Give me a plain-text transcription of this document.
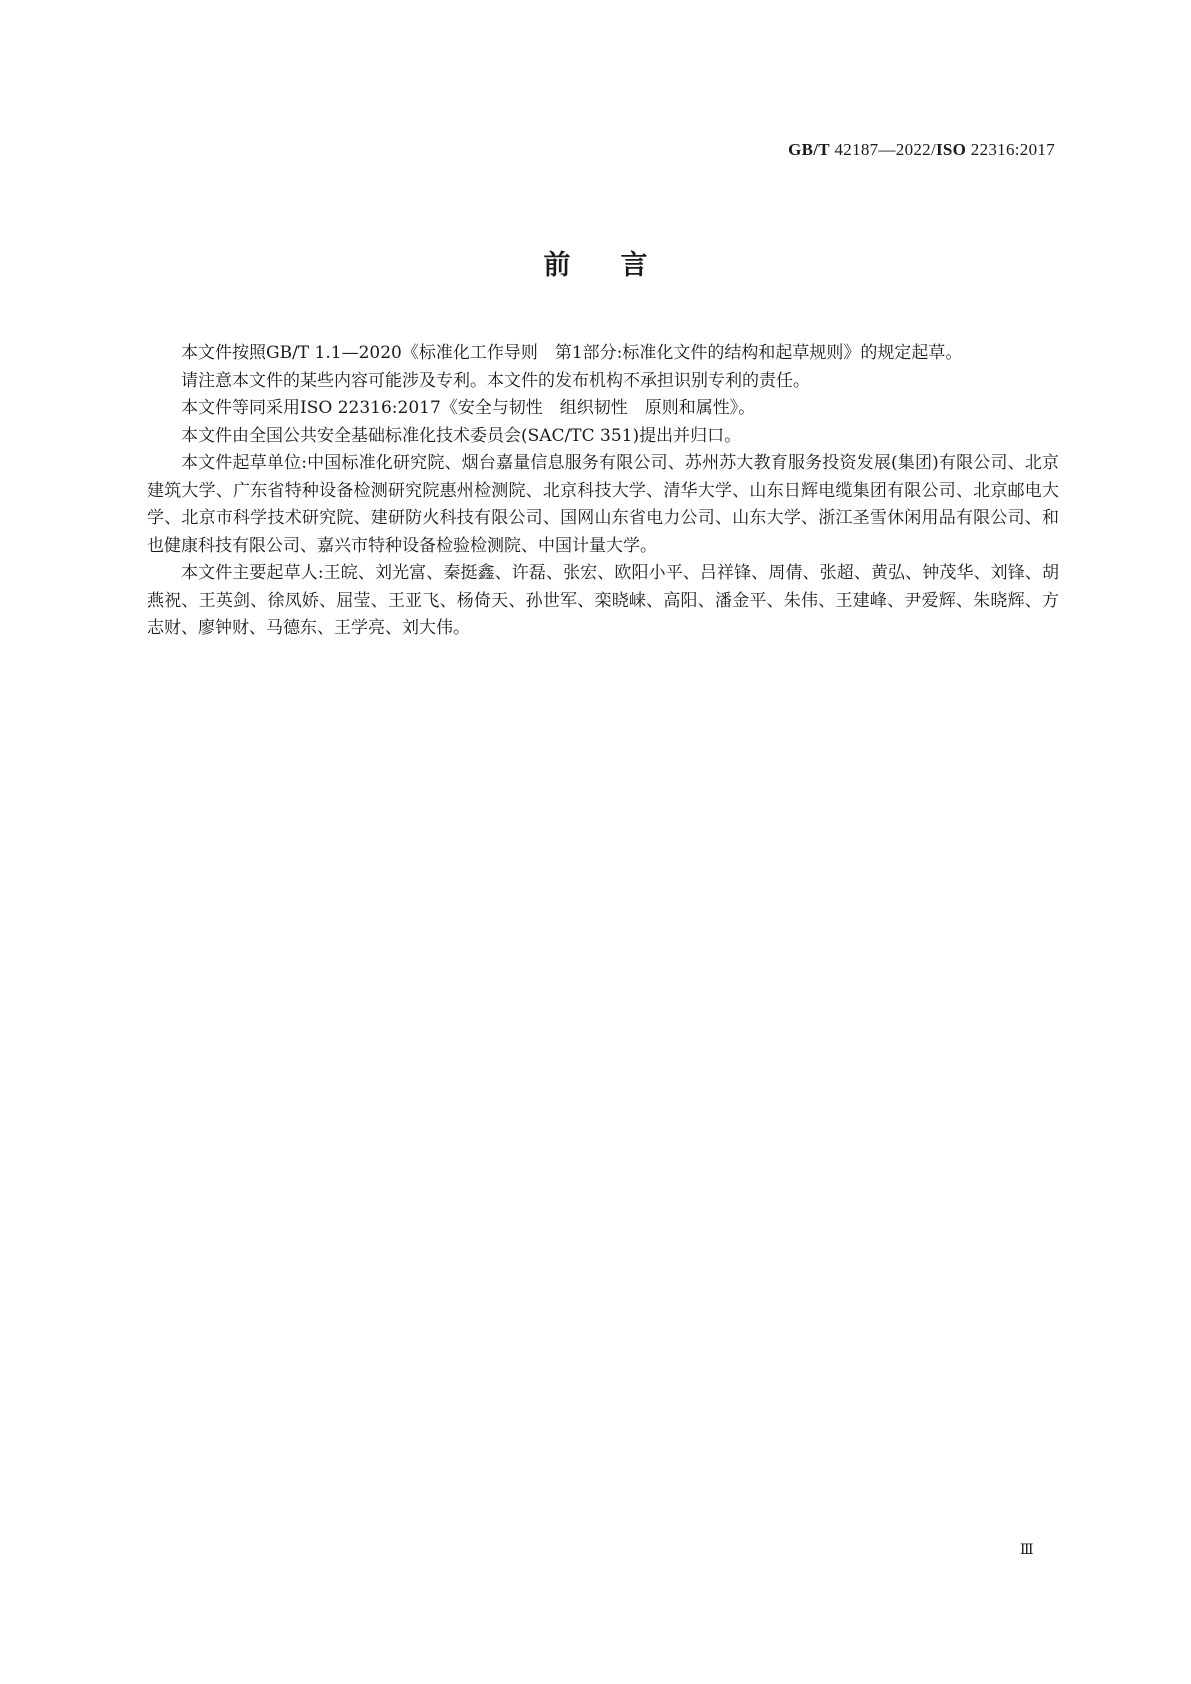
GB/T 42187—2022/ISO 22316:2017
前言

本文件按照GB/T 1.1—2020《标准化工作导则　第1部分:标准化文件的结构和起草规则》的规定起草。

请注意本文件的某些内容可能涉及专利。本文件的发布机构不承担识别专利的责任。

本文件等同采用ISO 22316:2017《安全与韧性　组织韧性　原则和属性》。

本文件由全国公共安全基础标准化技术委员会(SAC/TC 351)提出并归口。

本文件起草单位:中国标准化研究院、烟台嘉量信息服务有限公司、苏州苏大教育服务投资发展(集团)有限公司、北京建筑大学、广东省特种设备检测研究院惠州检测院、北京科技大学、清华大学、山东日辉电缆集团有限公司、北京邮电大学、北京市科学技术研究院、建研防火科技有限公司、国网山东省电力公司、山东大学、浙江圣雪休闲用品有限公司、和也健康科技有限公司、嘉兴市特种设备检验检测院、中国计量大学。

本文件主要起草人:王皖、刘光富、秦挺鑫、许磊、张宏、欧阳小平、吕祥锋、周倩、张超、黄弘、钟茂华、刘锋、胡燕祝、王英剑、徐凤娇、屈莹、王亚飞、杨倚天、孙世军、栾晓崃、高阳、潘金平、朱伟、王建峰、尹爱辉、朱晓辉、方志财、廖钟财、马德东、王学亮、刘大伟。

Ⅲ
